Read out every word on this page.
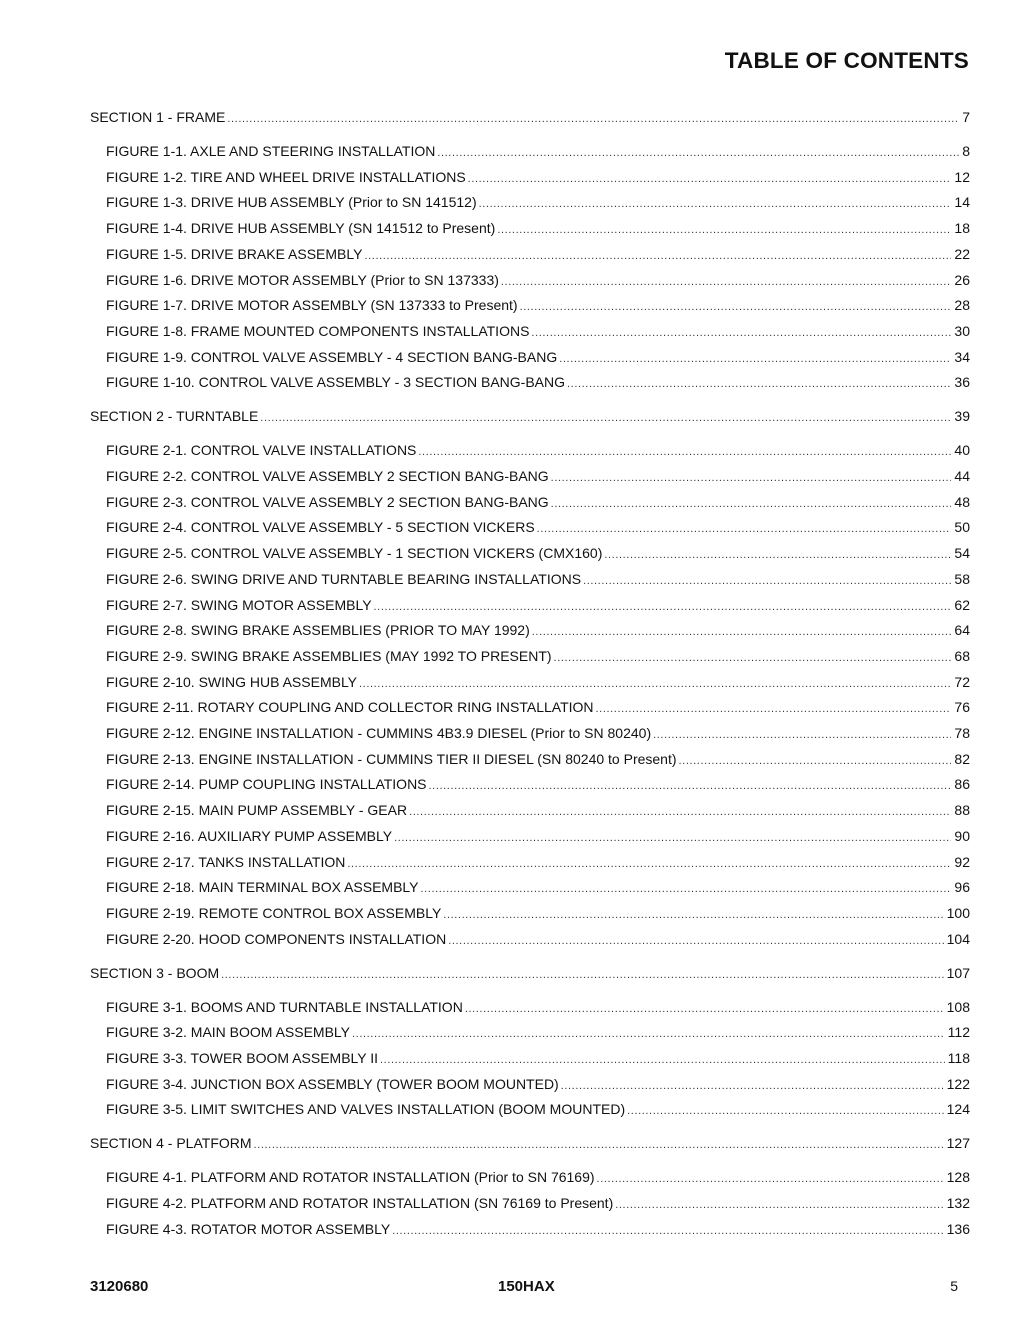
TABLE OF CONTENTS
SECTION 1 - FRAME .....	7
FIGURE 1-1. AXLE AND STEERING INSTALLATION .....	8
FIGURE 1-2. TIRE AND WHEEL DRIVE INSTALLATIONS .....	12
FIGURE 1-3. DRIVE HUB ASSEMBLY (Prior to SN 141512) .....	14
FIGURE 1-4. DRIVE HUB ASSEMBLY (SN 141512 to Present) .....	18
FIGURE 1-5. DRIVE BRAKE ASSEMBLY .....	22
FIGURE 1-6. DRIVE MOTOR ASSEMBLY (Prior to SN 137333) .....	26
FIGURE 1-7. DRIVE MOTOR ASSEMBLY (SN 137333 to Present) .....	28
FIGURE 1-8. FRAME MOUNTED COMPONENTS INSTALLATIONS .....	30
FIGURE 1-9. CONTROL VALVE ASSEMBLY - 4 SECTION BANG-BANG .....	34
FIGURE 1-10. CONTROL VALVE ASSEMBLY - 3 SECTION BANG-BANG .....	36
SECTION 2 - TURNTABLE .....	39
FIGURE 2-1. CONTROL VALVE INSTALLATIONS .....	40
FIGURE 2-2. CONTROL VALVE ASSEMBLY 2 SECTION BANG-BANG .....	44
FIGURE 2-3. CONTROL VALVE ASSEMBLY 2 SECTION BANG-BANG .....	48
FIGURE 2-4. CONTROL VALVE ASSEMBLY - 5 SECTION VICKERS .....	50
FIGURE 2-5. CONTROL VALVE ASSEMBLY - 1 SECTION VICKERS (CMX160) .....	54
FIGURE 2-6. SWING DRIVE AND TURNTABLE BEARING INSTALLATIONS .....	58
FIGURE 2-7. SWING MOTOR ASSEMBLY .....	62
FIGURE 2-8. SWING BRAKE ASSEMBLIES (PRIOR TO MAY 1992) .....	64
FIGURE 2-9. SWING BRAKE ASSEMBLIES (MAY 1992 TO PRESENT) .....	68
FIGURE 2-10. SWING HUB ASSEMBLY .....	72
FIGURE 2-11. ROTARY COUPLING AND COLLECTOR RING INSTALLATION .....	76
FIGURE 2-12. ENGINE INSTALLATION - CUMMINS 4B3.9 DIESEL (Prior to SN 80240) .....	78
FIGURE 2-13. ENGINE INSTALLATION - CUMMINS TIER II DIESEL (SN 80240 to Present) .....	82
FIGURE 2-14. PUMP COUPLING INSTALLATIONS .....	86
FIGURE 2-15. MAIN PUMP ASSEMBLY - GEAR .....	88
FIGURE 2-16. AUXILIARY PUMP ASSEMBLY .....	90
FIGURE 2-17. TANKS INSTALLATION .....	92
FIGURE 2-18. MAIN TERMINAL BOX ASSEMBLY .....	96
FIGURE 2-19. REMOTE CONTROL BOX ASSEMBLY .....	100
FIGURE 2-20. HOOD COMPONENTS INSTALLATION .....	104
SECTION 3 - BOOM .....	107
FIGURE 3-1. BOOMS AND TURNTABLE INSTALLATION .....	108
FIGURE 3-2. MAIN BOOM ASSEMBLY .....	112
FIGURE 3-3. TOWER BOOM ASSEMBLY II .....	118
FIGURE 3-4. JUNCTION BOX ASSEMBLY (TOWER BOOM MOUNTED) .....	122
FIGURE 3-5. LIMIT SWITCHES AND VALVES INSTALLATION (BOOM MOUNTED) .....	124
SECTION 4 - PLATFORM .....	127
FIGURE 4-1. PLATFORM AND ROTATOR INSTALLATION (Prior to SN 76169) .....	128
FIGURE 4-2. PLATFORM AND ROTATOR INSTALLATION (SN 76169 to Present) .....	132
FIGURE 4-3. ROTATOR MOTOR ASSEMBLY .....	136
3120680	150HAX	5
